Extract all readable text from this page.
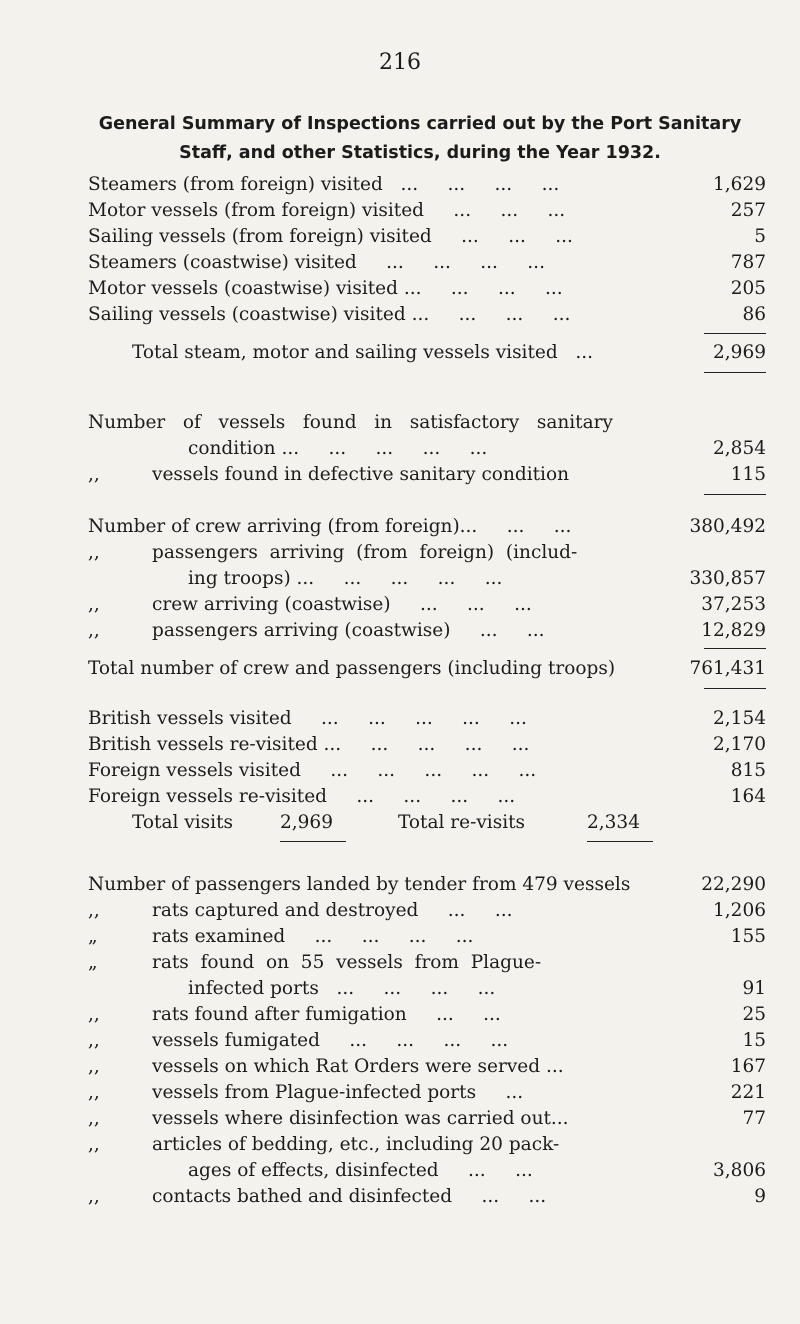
216
General Summary of Inspections carried out by the Port Sanitary
Staff, and other Statistics, during the Year 1932.
Steamers (from foreign) visited   ...     ...     ...     ...	1,629
Motor vessels (from foreign) visited     ...     ...     ...	257
Sailing vessels (from foreign) visited     ...     ...     ...	5
Steamers (coastwise) visited     ...     ...     ...     ...	787
Motor vessels (coastwise) visited ...     ...     ...     ...	205
Sailing vessels (coastwise) visited ...     ...     ...     ...	86
Total steam, motor and sailing vessels visited   ...	2,969
Number   of   vessels   found   in   satisfactory   sanitary
condition ...     ...     ...     ...     ...	2,854
,,	vessels found in defective sanitary condition	115
Number of crew arriving (from foreign)...     ...     ...	380,492
,,	passengers  arriving  (from  foreign)  (includ-
ing troops) ...     ...     ...     ...     ...	330,857
,,	crew arriving (coastwise)     ...     ...     ...	37,253
,,	passengers arriving (coastwise)     ...     ...	12,829
Total number of crew and passengers (including troops)	761,431
British vessels visited     ...     ...     ...     ...     ...	2,154
British vessels re-visited ...     ...     ...     ...     ...	2,170
Foreign vessels visited     ...     ...     ...     ...     ...	815
Foreign vessels re-visited     ...     ...     ...     ...	164
Total visits	2,969	Total re-visits	2,334
Number of passengers landed by tender from 479 vessels	22,290
,,	rats captured and destroyed     ...     ...	1,206
„	rats examined     ...     ...     ...     ...	155
„	rats  found  on  55  vessels  from  Plague-
infected ports   ...     ...     ...     ...	91
,,	rats found after fumigation     ...     ...	25
,,	vessels fumigated     ...     ...     ...     ...	15
,,	vessels on which Rat Orders were served ...	167
,,	vessels from Plague-infected ports     ...	221
,,	vessels where disinfection was carried out...	77
,,	articles of bedding, etc., including 20 pack-
ages of effects, disinfected     ...     ...	3,806
,,	contacts bathed and disinfected     ...     ...	9
